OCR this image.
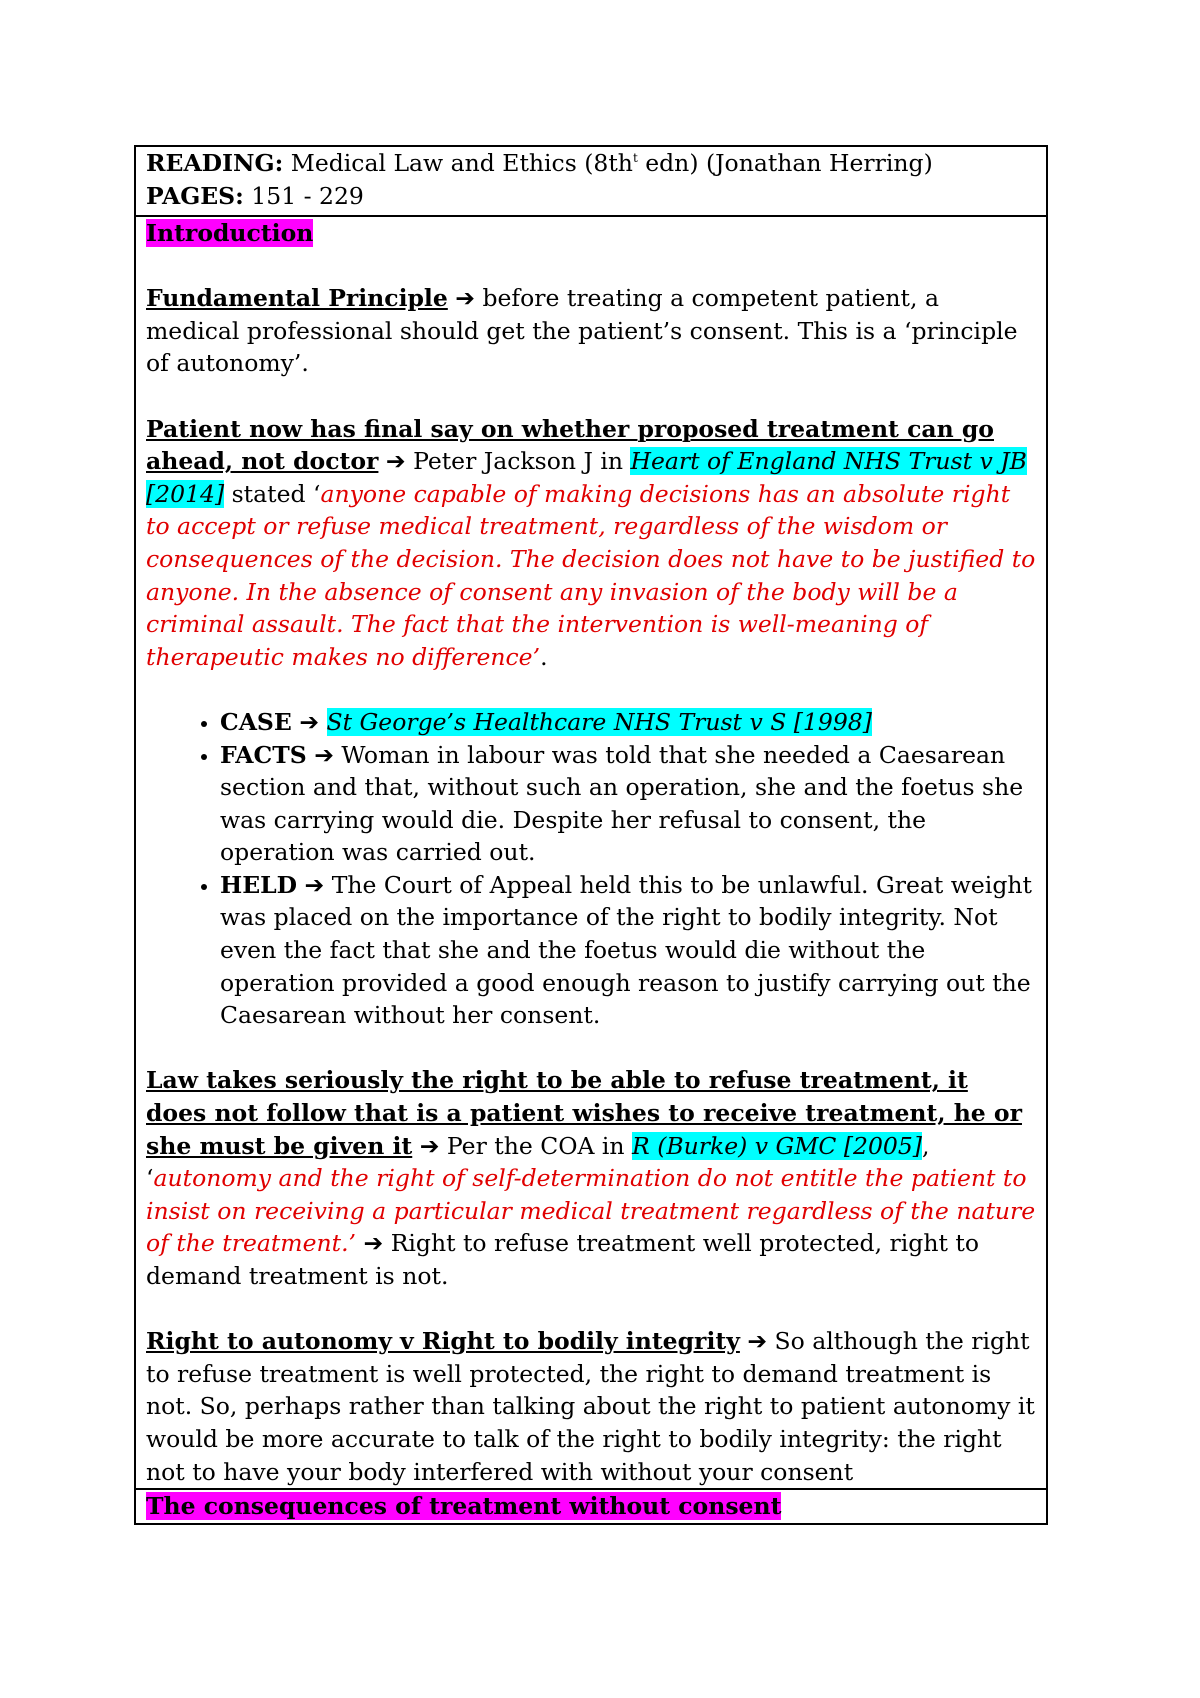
READING: Medical Law and Ethics ($8th^t$ edn) (Jonathan Herring)
PAGES: 151 - 229
Introduction

Fundamental Principle ➔ before treating a competent patient, a medical professional should get the patient’s consent. This is a ‘principle of autonomy’.

Patient now has final say on whether proposed treatment can go ahead, not doctor ➔ Peter Jackson J in Heart of England NHS Trust v JB [2014] stated ‘anyone capable of making decisions has an absolute right to accept or refuse medical treatment, regardless of the wisdom or consequences of the decision. The decision does not have to be justified to anyone. In the absence of consent any invasion of the body will be a criminal assault. The fact that the intervention is well-meaning of therapeutic makes no difference’.

• CASE ➔ St George’s Healthcare NHS Trust v S [1998]
• FACTS ➔ Woman in labour was told that she needed a Caesarean section and that, without such an operation, she and the foetus she was carrying would die. Despite her refusal to consent, the operation was carried out.
• HELD ➔ The Court of Appeal held this to be unlawful. Great weight was placed on the importance of the right to bodily integrity. Not even the fact that she and the foetus would die without the operation provided a good enough reason to justify carrying out the Caesarean without her consent.

Law takes seriously the right to be able to refuse treatment, it does not follow that is a patient wishes to receive treatment, he or she must be given it ➔ Per the COA in R (Burke) v GMC [2005], ‘autonomy and the right of self-determination do not entitle the patient to insist on receiving a particular medical treatment regardless of the nature of the treatment.’ ➔ Right to refuse treatment well protected, right to demand treatment is not.

Right to autonomy v Right to bodily integrity ➔ So although the right to refuse treatment is well protected, the right to demand treatment is not. So, perhaps rather than talking about the right to patient autonomy it would be more accurate to talk of the right to bodily integrity: the right not to have your body interfered with without your consent

The consequences of treatment without consent
